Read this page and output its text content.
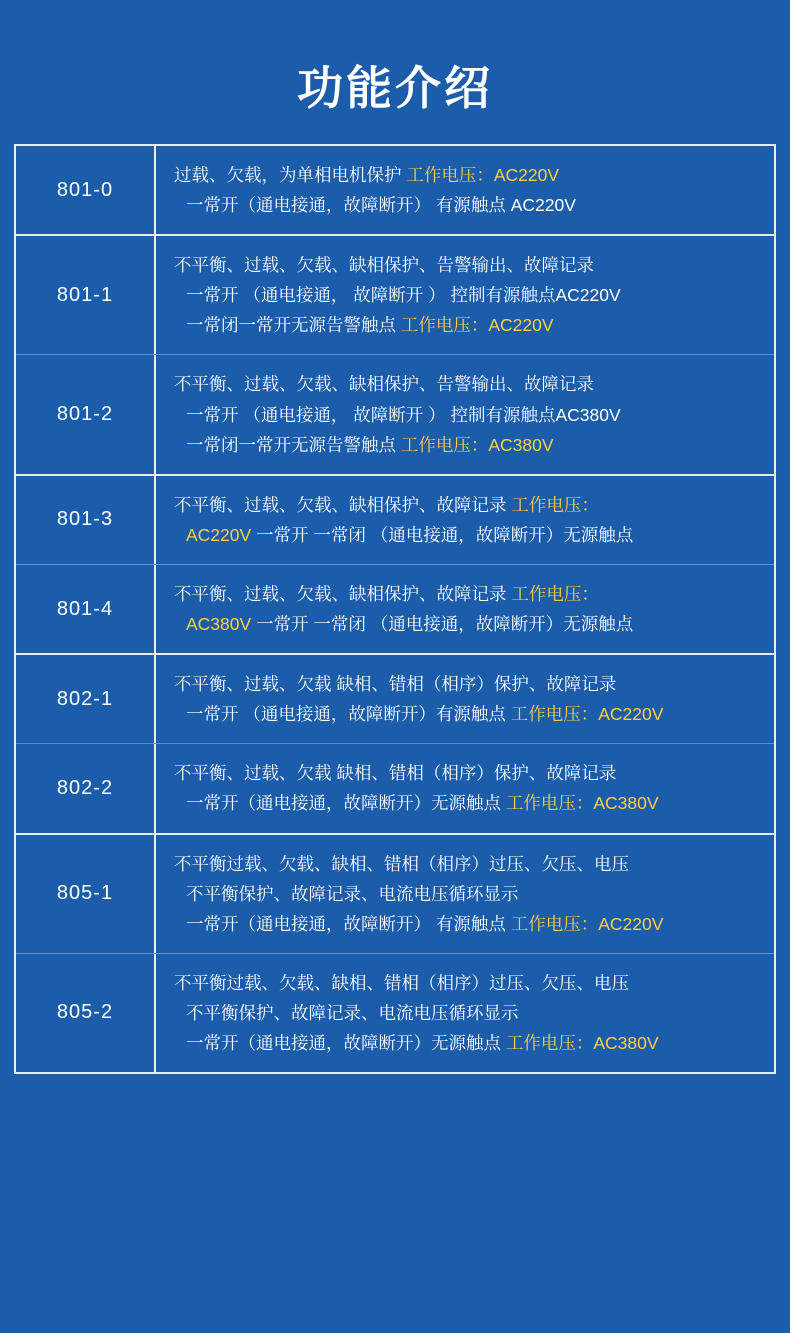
功能介绍
801-0
过载、欠载，为单相电机保护 工作电压：AC220V
一常开（通电接通，故障断开） 有源触点 AC220V
801-1
不平衡、过载、欠载、缺相保护、告警输出、故障记录
一常开 （通电接通， 故障断开 ） 控制有源触点AC220V
一常闭一常开无源告警触点 工作电压：AC220V
801-2
不平衡、过载、欠载、缺相保护、告警输出、故障记录
一常开 （通电接通， 故障断开 ） 控制有源触点AC380V
一常闭一常开无源告警触点 工作电压：AC380V
801-3
不平衡、过载、欠载、缺相保护、故障记录 工作电压：
AC220V 一常开 一常闭 （通电接通，故障断开）无源触点
801-4
不平衡、过载、欠载、缺相保护、故障记录 工作电压：
AC380V 一常开 一常闭 （通电接通，故障断开）无源触点
802-1
不平衡、过载、欠载 缺相、错相（相序）保护、故障记录
一常开 （通电接通，故障断开）有源触点 工作电压：AC220V
802-2
不平衡、过载、欠载 缺相、错相（相序）保护、故障记录
一常开（通电接通，故障断开）无源触点 工作电压：AC380V
805-1
不平衡过载、欠载、缺相、错相（相序）过压、欠压、电压
不平衡保护、故障记录、电流电压循环显示
一常开（通电接通，故障断开） 有源触点 工作电压：AC220V
805-2
不平衡过载、欠载、缺相、错相（相序）过压、欠压、电压
不平衡保护、故障记录、电流电压循环显示
一常开（通电接通，故障断开）无源触点 工作电压：AC380V
